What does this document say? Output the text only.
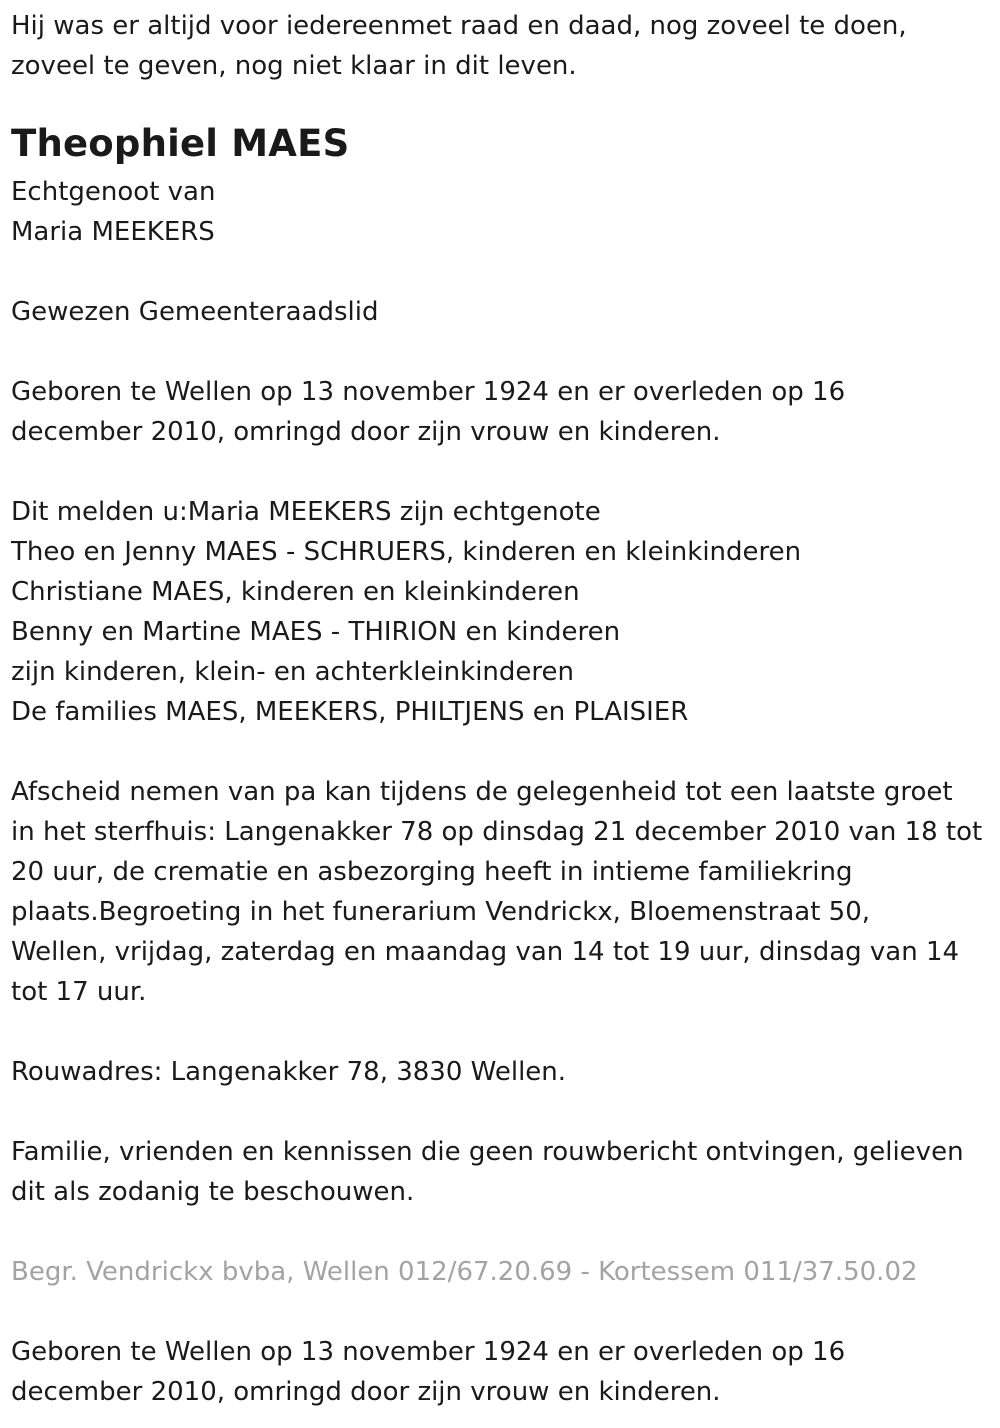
Hij was er altijd voor iedereenmet raad en daad, nog zoveel te doen,
zoveel te geven, nog niet klaar in dit leven.
Theophiel MAES
Echtgenoot van
Maria MEEKERS
Gewezen Gemeenteraadslid
Geboren te Wellen op 13 november 1924 en er overleden op 16
december 2010, omringd door zijn vrouw en kinderen.
Dit melden u:Maria MEEKERS zijn echtgenote
Theo en Jenny MAES - SCHRUERS, kinderen en kleinkinderen
Christiane MAES, kinderen en kleinkinderen
Benny en Martine MAES - THIRION en kinderen
zijn kinderen, klein- en achterkleinkinderen
De families MAES, MEEKERS, PHILTJENS en PLAISIER
Afscheid nemen van pa kan tijdens de gelegenheid tot een laatste groet
in het sterfhuis: Langenakker 78 op dinsdag 21 december 2010 van 18 tot
20 uur, de crematie en asbezorging heeft in intieme familiekring
plaats.Begroeting in het funerarium Vendrickx, Bloemenstraat 50,
Wellen, vrijdag, zaterdag en maandag van 14 tot 19 uur, dinsdag van 14
tot 17 uur.
Rouwadres: Langenakker 78, 3830 Wellen.
Familie, vrienden en kennissen die geen rouwbericht ontvingen, gelieven
dit als zodanig te beschouwen.
Begr. Vendrickx bvba, Wellen 012/67.20.69 - Kortessem 011/37.50.02
Geboren te Wellen op 13 november 1924 en er overleden op 16
december 2010, omringd door zijn vrouw en kinderen.
